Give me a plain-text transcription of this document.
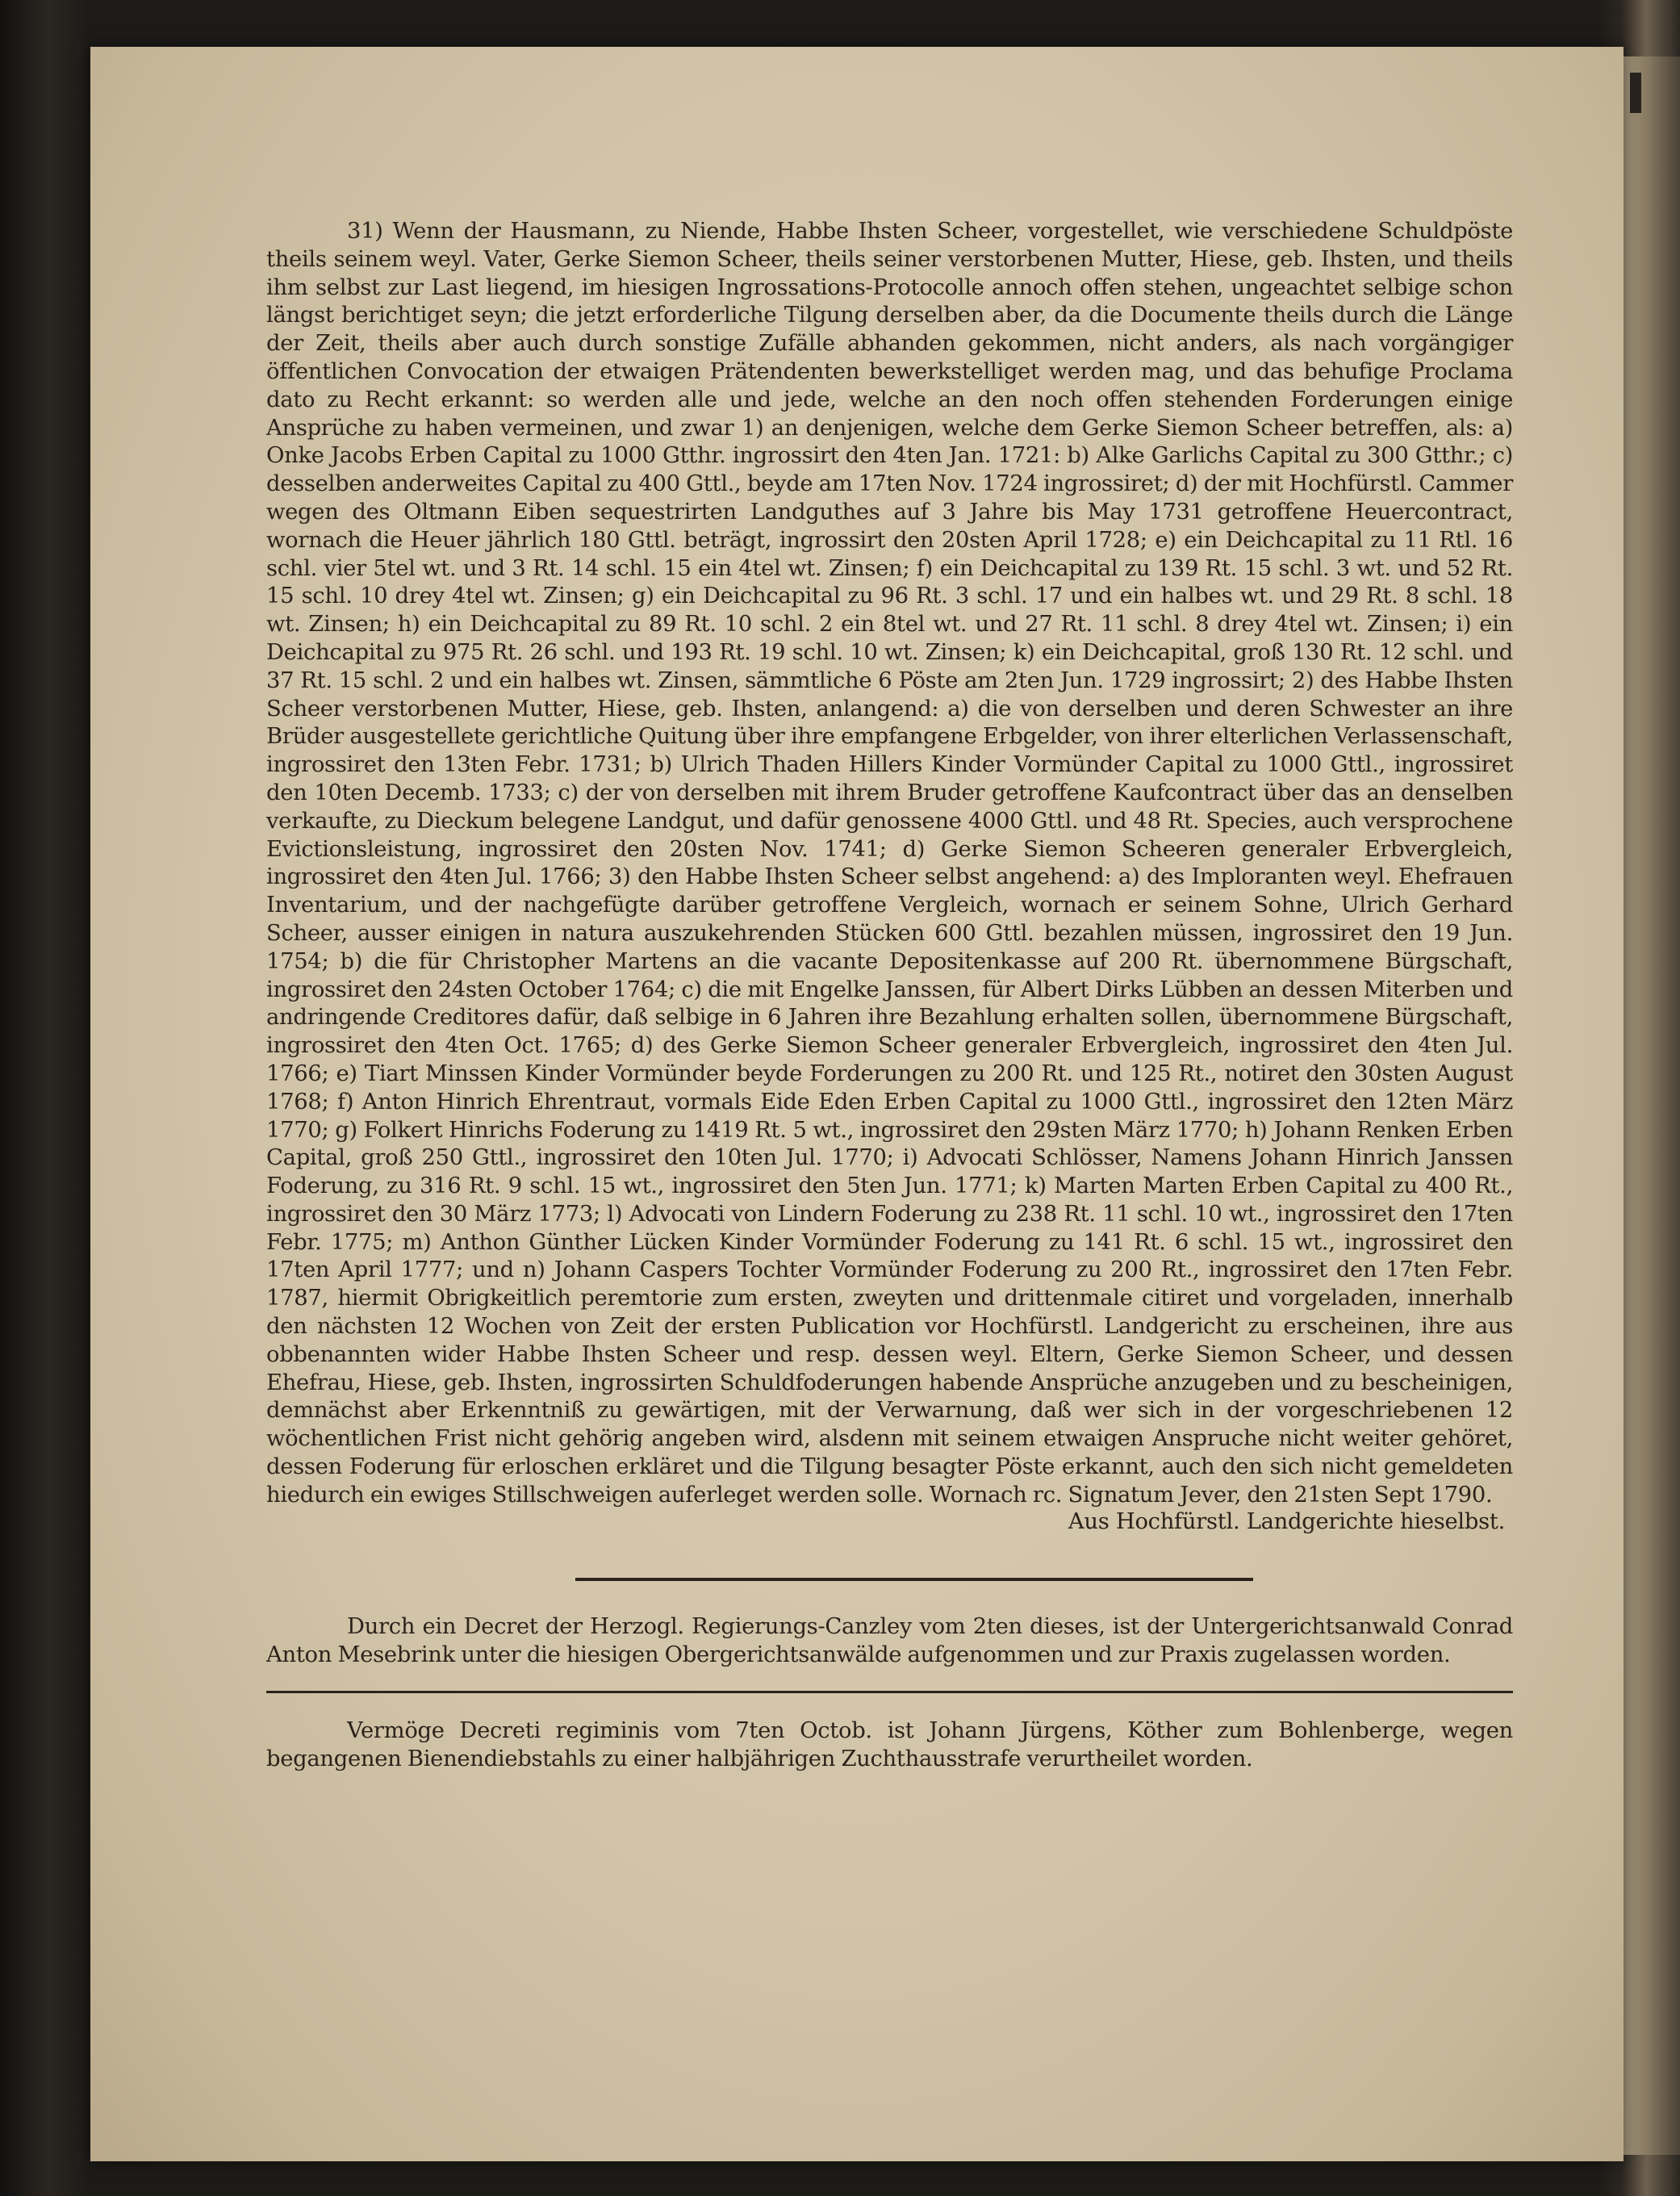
31) Wenn der Hausmann, zu Niende, Habbe Ihsten Scheer, vorgestellet, wie verschiedene Schuldpöste theils seinem weyl. Vater, Gerke Siemon Scheer, theils seiner verstorbenen Mutter, Hiese, geb. Ihsten, und theils ihm selbst zur Last liegend, im hiesigen Ingrossations-Protocolle annoch offen stehen, ungeachtet selbige schon längst berichtiget seyn; die jetzt erforderliche Tilgung derselben aber, da die Documente theils durch die Länge der Zeit, theils aber auch durch sonstige Zufälle abhanden gekommen, nicht anders, als nach vorgängiger öffentlichen Convocation der etwaigen Prätendenten bewerkstelliget werden mag, und das behufige Proclama dato zu Recht erkannt: so werden alle und jede, welche an den noch offen stehenden Forderungen einige Ansprüche zu haben vermeinen, und zwar 1) an denjenigen, welche dem Gerke Siemon Scheer betreffen, als: a) Onke Jacobs Erben Capital zu 1000 Gtthr. ingrossirt den 4ten Jan. 1721: b) Alke Garlichs Capital zu 300 Gtthr.; c) desselben anderweites Capital zu 400 Gttl., beyde am 17ten Nov. 1724 ingrossiret; d) der mit Hochfürstl. Cammer wegen des Oltmann Eiben sequestrirten Landguthes auf 3 Jahre bis May 1731 getroffene Heuercontract, wornach die Heuer jährlich 180 Gttl. beträgt, ingrossirt den 20sten April 1728; e) ein Deichcapital zu 11 Rtl. 16 schl. vier 5tel wt. und 3 Rt. 14 schl. 15 ein 4tel wt. Zinsen; f) ein Deichcapital zu 139 Rt. 15 schl. 3 wt. und 52 Rt. 15 schl. 10 drey 4tel wt. Zinsen; g) ein Deichcapital zu 96 Rt. 3 schl. 17 und ein halbes wt. und 29 Rt. 8 schl. 18 wt. Zinsen; h) ein Deichcapital zu 89 Rt. 10 schl. 2 ein 8tel wt. und 27 Rt. 11 schl. 8 drey 4tel wt. Zinsen; i) ein Deichcapital zu 975 Rt. 26 schl. und 193 Rt. 19 schl. 10 wt. Zinsen; k) ein Deichcapital, groß 130 Rt. 12 schl. und 37 Rt. 15 schl. 2 und ein halbes wt. Zinsen, sämmtliche 6 Pöste am 2ten Jun. 1729 ingrossirt; 2) des Habbe Ihsten Scheer verstorbenen Mutter, Hiese, geb. Ihsten, anlangend: a) die von derselben und deren Schwester an ihre Brüder ausgestellete gerichtliche Quitung über ihre empfangene Erbgelder, von ihrer elterlichen Verlassenschaft, ingrossiret den 13ten Febr. 1731; b) Ulrich Thaden Hillers Kinder Vormünder Capital zu 1000 Gttl., ingrossiret den 10ten Decemb. 1733; c) der von derselben mit ihrem Bruder getroffene Kaufcontract über das an denselben verkaufte, zu Dieckum belegene Landgut, und dafür genossene 4000 Gttl. und 48 Rt. Species, auch versprochene Evictionsleistung, ingrossiret den 20sten Nov. 1741; d) Gerke Siemon Scheeren generaler Erbvergleich, ingrossiret den 4ten Jul. 1766; 3) den Habbe Ihsten Scheer selbst angehend: a) des Imploranten weyl. Ehefrauen Inventarium, und der nachgefügte darüber getroffene Vergleich, wornach er seinem Sohne, Ulrich Gerhard Scheer, ausser einigen in natura auszukehrenden Stücken 600 Gttl. bezahlen müssen, ingrossiret den 19 Jun. 1754; b) die für Christopher Martens an die vacante Depositenkasse auf 200 Rt. übernommene Bürgschaft, ingrossiret den 24sten October 1764; c) die mit Engelke Janssen, für Albert Dirks Lübben an dessen Miterben und andringende Creditores dafür, daß selbige in 6 Jahren ihre Bezahlung erhalten sollen, übernommene Bürgschaft, ingrossiret den 4ten Oct. 1765; d) des Gerke Siemon Scheer generaler Erbvergleich, ingrossiret den 4ten Jul. 1766; e) Tiart Minssen Kinder Vormünder beyde Forderungen zu 200 Rt. und 125 Rt., notiret den 30sten August 1768; f) Anton Hinrich Ehrentraut, vormals Eide Eden Erben Capital zu 1000 Gttl., ingrossiret den 12ten März 1770; g) Folkert Hinrichs Foderung zu 1419 Rt. 5 wt., ingrossiret den 29sten März 1770; h) Johann Renken Erben Capital, groß 250 Gttl., ingrossiret den 10ten Jul. 1770; i) Advocati Schlösser, Namens Johann Hinrich Janssen Foderung, zu 316 Rt. 9 schl. 15 wt., ingrossiret den 5ten Jun. 1771; k) Marten Marten Erben Capital zu 400 Rt., ingrossiret den 30 März 1773; l) Advocati von Lindern Foderung zu 238 Rt. 11 schl. 10 wt., ingrossiret den 17ten Febr. 1775; m) Anthon Günther Lücken Kinder Vormünder Foderung zu 141 Rt. 6 schl. 15 wt., ingrossiret den 17ten April 1777; und n) Johann Caspers Tochter Vormünder Foderung zu 200 Rt., ingrossiret den 17ten Febr. 1787, hiermit Obrigkeitlich peremtorie zum ersten, zweyten und drittenmale citiret und vorgeladen, innerhalb den nächsten 12 Wochen von Zeit der ersten Publication vor Hochfürstl. Landgericht zu erscheinen, ihre aus obbenannten wider Habbe Ihsten Scheer und resp. dessen weyl. Eltern, Gerke Siemon Scheer, und dessen Ehefrau, Hiese, geb. Ihsten, ingrossirten Schuldfoderungen habende Ansprüche anzugeben und zu bescheinigen, demnächst aber Erkenntniß zu gewärtigen, mit der Verwarnung, daß wer sich in der vorgeschriebenen 12 wöchentlichen Frist nicht gehörig angeben wird, alsdenn mit seinem etwaigen Anspruche nicht weiter gehöret, dessen Foderung für erloschen erkläret und die Tilgung besagter Pöste erkannt, auch den sich nicht gemeldeten hiedurch ein ewiges Stillschweigen auferleget werden solle. Wornach rc. Signatum Jever, den 21sten Sept 1790.

Aus Hochfürstl. Landgerichte hieselbst.

Durch ein Decret der Herzogl. Regierungs-Canzley vom 2ten dieses, ist der Untergerichtsanwald Conrad Anton Mesebrink unter die hiesigen Obergerichtsanwälde aufgenommen und zur Praxis zugelassen worden.

Vermöge Decreti regiminis vom 7ten Octob. ist Johann Jürgens, Köther zum Bohlenberge, wegen begangenen Bienendiebstahls zu einer halbjährigen Zuchthausstrafe verurtheilet worden.
